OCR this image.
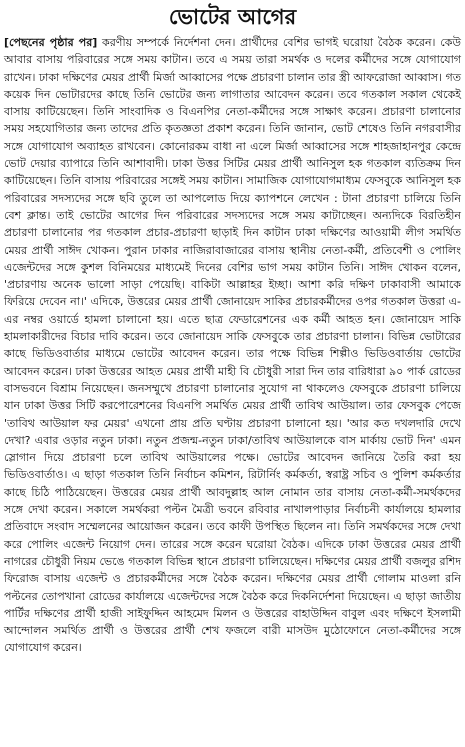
ভোটের আগের

[পেছনের পৃষ্ঠার পর] করণীয় সম্পর্কে নির্দেশনা দেন। প্রার্থীদের বেশির ভাগই ঘরোয়া বৈঠক করেন। কেউ আবার বাসায় পরিবারের সঙ্গে সময় কাটান। তবে এ সময় তারা সমর্থক ও দলের কর্মীদের সঙ্গে যোগাযোগ রাখেন। ঢাকা দক্ষিণের মেয়র প্রার্থী মির্জা আব্বাসের পক্ষে প্রচারণা চালান তার স্ত্রী আফরোজা আব্বাস। গত কয়েক দিন ভোটারদের কাছে তিনি ভোটের জন্য লাগাতার আবেদন করেন। তবে গতকাল সকাল থেকেই বাসায় কাটিয়েছেন। তিনি সাংবাদিক ও বিএনপির নেতা-কর্মীদের সঙ্গে সাক্ষাৎ করেন। প্রচারণা চালানোর সময় সহযোগিতার জন্য তাদের প্রতি কৃতজ্ঞতা প্রকাশ করেন। তিনি জানান, ভোট শেষেও তিনি নগরবাসীর সঙ্গে যোগাযোগ অব্যাহত রাখবেন। কোনোরকম বাধা না এলে মির্জা আব্বাসের সঙ্গে শাহজাহানপুর কেন্দ্রে ভোট দেয়ার ব্যাপারে তিনি আশাবাদী। ঢাকা উত্তর সিটির মেয়র প্রার্থী আনিসুল হক গতকাল ব্যতিক্রম দিন কাটিয়েছেন। তিনি বাসায় পরিবারের সঙ্গেই সময় কাটান। সামাজিক যোগাযোগমাধ্যম ফেসবুকে আনিসুল হক পরিবারের সদস্যদের সঙ্গে ছবি তুলে তা আপলোড দিয়ে ক্যাপশনে লেখেন : টানা প্রচারণা চালিয়ে তিনি বেশ ক্লান্ত। তাই ভোটের আগের দিন পরিবারের সদস্যদের সঙ্গে সময় কাটাচ্ছেন। অন্যদিকে বিরতিহীন প্রচারণা চালানোর পর গতকাল প্রচার-প্রচারণা ছাড়াই দিন কাটান ঢাকা দক্ষিণের আওয়ামী লীগ সমর্থিত মেয়র প্রার্থী সাঈদ খোকন। পুরান ঢাকার নাজিরাবাজারের বাসায় স্থানীয় নেতা-কর্মী, প্রতিবেশী ও পোলিং এজেন্টদের সঙ্গে কুশল বিনিময়ের মাধ্যমেই দিনের বেশির ভাগ সময় কাটান তিনি। সাঈদ খোকন বলেন, 'প্রচারণায় অনেক ভালো সাড়া পেয়েছি। বাকিটা আল্লাহর ইচ্ছা। আশা করি দক্ষিণ ঢাকাবাসী আমাকে ফিরিয়ে দেবেন না।' এদিকে, উত্তরের মেয়র প্রার্থী জোনায়েদ সাকির প্রচারকর্মীদের ওপর গতকাল উত্তরা এ-এর নম্বর ওয়ার্ডে হামলা চালানো হয়। এতে ছাত্র ফেডারেশনের এক কর্মী আহত হন। জোনায়েদ সাকি হামলাকারীদের বিচার দাবি করেন। তবে জোনায়েদ সাকি ফেসবুকে তার প্রচারণা চালান। বিভিন্ন ভোটারের কাছে ভিডিওবার্তার মাধ্যমে ভোটের আবেদন করেন। তার পক্ষে বিভিন্ন শিল্পীও ভিডিওবার্তায় ভোটের আবেদন করেন। ঢাকা উত্তরের আহত মেয়র প্রার্থী মাহী বি চৌধুরী সারা দিন তার বারিধারা ৯০ পার্ক রোডের বাসভবনে বিশ্রাম নিয়েছেন। জনসম্মুখে প্রচারণা চালানোর সুযোগ না থাকলেও ফেসবুকে প্রচারণা চালিয়ে যান ঢাকা উত্তর সিটি করপোরেশনের বিএনপি সমর্থিত মেয়র প্রার্থী তাবিথ আউয়াল। তার ফেসবুক পেজে 'তাবিথ আউয়াল ফর মেয়র' এখনো প্রায় প্রতি ঘণ্টায় প্রচারণা চালানো হয়। 'আর কত দখলদারি দেখে দেখা? এবার ওড়ার নতুন ঢাকা। নতুন প্রজন্ম-নতুন ঢাকা/তাবিথ আউয়ালকে বাস মার্কায় ভোট দিন' এমন স্লোগান দিয়ে প্রচারণা চলে তাবিথ আউয়ালের পক্ষে। ভোটের আবেদন জানিয়ে তৈরি করা হয় ভিডিওবার্তাও। এ ছাড়া গতকাল তিনি নির্বাচন কমিশন, রিটার্নিং কর্মকর্তা, স্বরাষ্ট্র সচিব ও পুলিশ কর্মকর্তার কাছে চিঠি পাঠিয়েছেন। উত্তরের মেয়র প্রার্থী আবদুল্লাহ আল নোমান তার বাসায় নেতা-কর্মী-সমর্থকদের সঙ্গে দেখা করেন। সকালে সমর্থকরা পল্টন মৈত্রী ভবনে রবিবার নাখালপাড়ার নির্বাচনী কার্যালয়ে হামলার প্রতিবাদে সংবাদ সম্মেলনের আয়োজন করেন। তবে কাফী উপস্থিত ছিলেন না। তিনি সমর্থকদের সঙ্গে দেখা করে পোলিং এজেন্ট নিয়োগ দেন। তারের সঙ্গে করেন ঘরোয়া বৈঠক। এদিকে ঢাকা উত্তরের মেয়র প্রার্থী নাগরের চৌধুরী নিয়ম ভেঙে গতকাল বিভিন্ন স্থানে প্রচারণা চালিয়েছেন। দক্ষিণের মেয়র প্রার্থী বজলুর রশিদ ফিরোজ বাসায় এজেন্ট ও প্রচারকর্মীদের সঙ্গে বৈঠক করেন। দক্ষিণের মেয়র প্রার্থী গোলাম মাওলা রনি পল্টনের তোপখানা রোডের কার্যালয়ে এজেন্টদের সঙ্গে বৈঠক করে দিকনির্দেশনা দিয়েছেন। এ ছাড়া জাতীয় পার্টির দক্ষিণের প্রার্থী হাজী সাইফুদ্দিন আহমেদ মিলন ও উত্তরের বাহাউদ্দিন বাবুল এবং দক্ষিণে ইসলামী আন্দোলন সমর্থিত প্রার্থী ও উত্তরের প্রার্থী শেখ ফজলে বারী মাসউদ মুঠোফোনে নেতা-কর্মীদের সঙ্গে যোগাযোগ করেন।
